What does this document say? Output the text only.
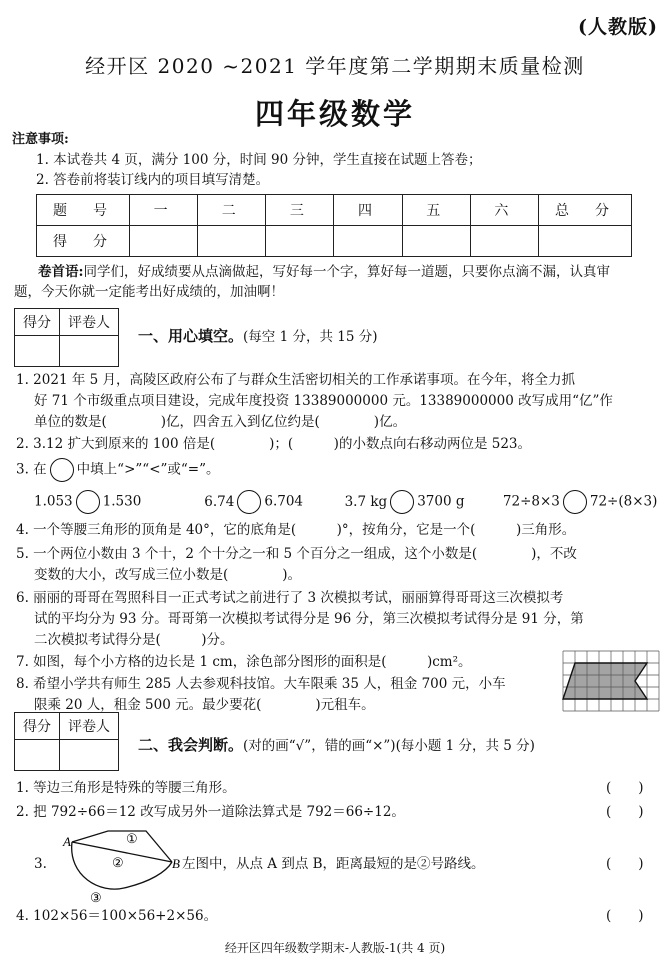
(人教版)
经开区 2020 ~2021 学年度第二学期期末质量检测
四年级数学
注意事项:
1. 本试卷共 4 页，满分 100 分，时间 90 分钟，学生直接在试题上答卷；
2. 答卷前将装订线内的项目填写清楚。
题　号	一	二	三	四	五	六	总　分
得　分							
卷首语:同学们，好成绩要从点滴做起，写好每一个字，算好每一道题，只要你点滴不漏，认真审
题，今天你就一定能考出好成绩的，加油啊！
得分	评卷人

一、用心填空。(每空 1 分，共 15 分)
1. 2021 年 5 月，高陵区政府公布了与群众生活密切相关的工作承诺事项。在今年，将全力抓
好 71 个市级重点项目建设，完成年度投资 13389000000 元。13389000000 改写成用“亿”作
单位的数是(　　　　)亿，四舍五入到亿位约是(　　　　)亿。
2. 3.12 扩大到原来的 100 倍是(　　　　)；(　　　)的小数点向右移动两位是 523。
3. 在 中填上“>”“<”或“=”。
1.053 1.530	6.74 6.704	3.7 kg 3700 g	72÷8×3 72÷(8×3)
4. 一个等腰三角形的顶角是 40°，它的底角是(　　　)°，按角分，它是一个(　　　)三角形。
5. 一个两位小数由 3 个十，2 个十分之一和 5 个百分之一组成，这个小数是(　　　　)，不改
变数的大小，改写成三位小数是(　　　　)。
6. 丽丽的哥哥在驾照科目一正式考试之前进行了 3 次模拟考试，丽丽算得哥哥这三次模拟考
试的平均分为 93 分。哥哥第一次模拟考试得分是 96 分，第三次模拟考试得分是 91 分，第
二次模拟考试得分是(　　　)分。
7. 如图，每个小方格的边长是 1 cm，涂色部分图形的面积是(　　　)cm²。
8. 希望小学共有师生 285 人去参观科技馆。大车限乘 35 人，租金 700 元，小车
限乘 20 人，租金 500 元。最少要花(　　　　)元租车。
得分	评卷人

二、我会判断。(对的画“√”，错的画“×”)(每小题 1 分，共 5 分)
1. 等边三角形是特殊的等腰三角形。	(　　)
2. 把 792÷66＝12 改写成另外一道除法算式是 792＝66÷12。	(　　)
3.
A
B
①
②
③
左图中，从点 A 到点 B，距离最短的是②号路线。	(　　)
4. 102×56＝100×56+2×56。	(　　)
经开区四年级数学期末-人教版-1(共 4 页)
